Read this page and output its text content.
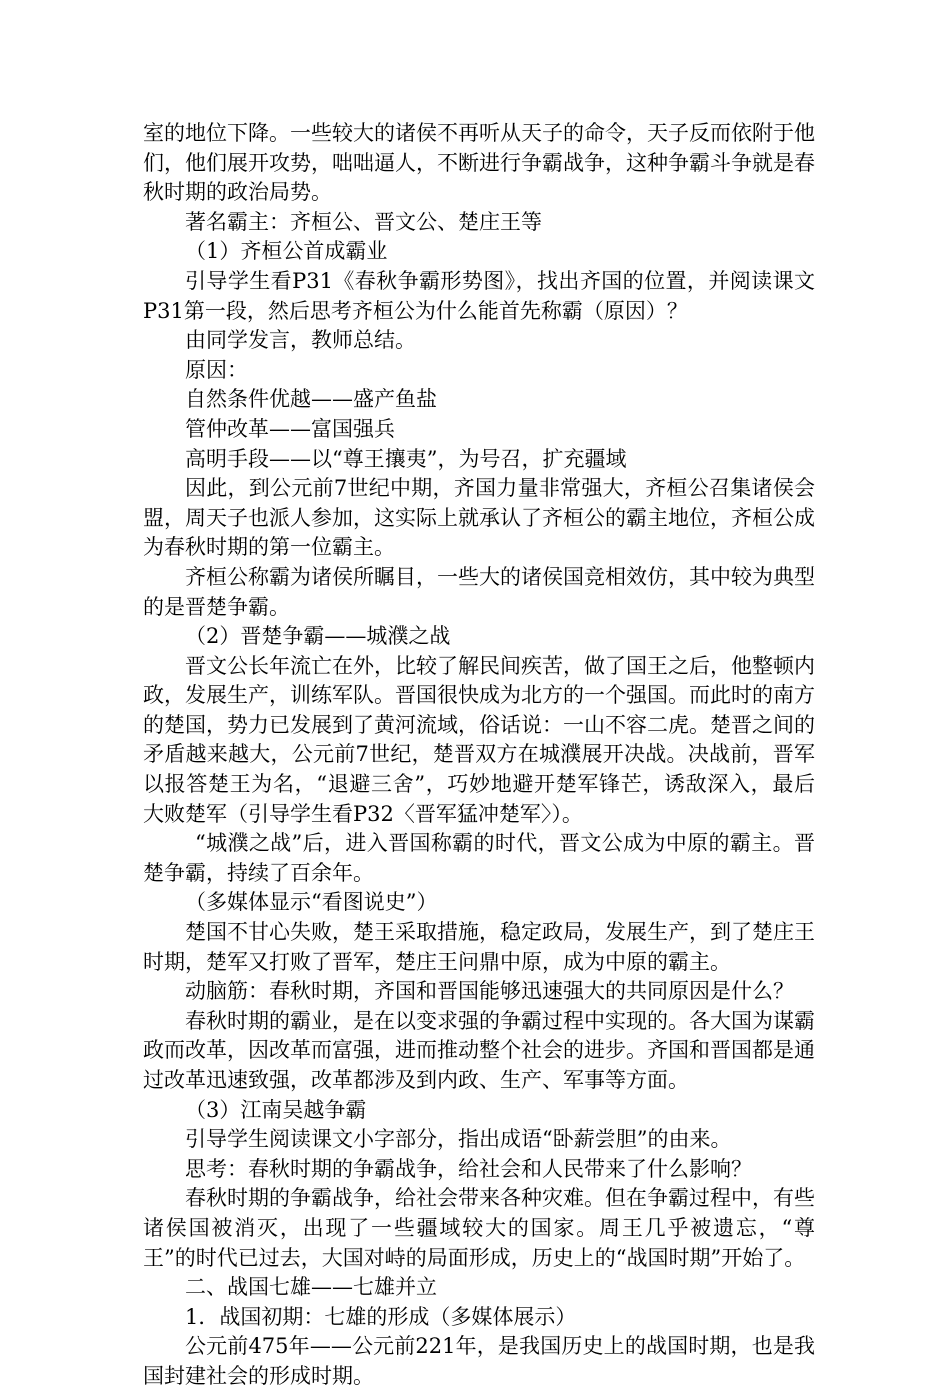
室的地位下降。一些较大的诸侯不再听从天子的命令，天子反而依附于他们，他们展开攻势，咄咄逼人，不断进行争霸战争，这种争霸斗争就是春秋时期的政治局势。

著名霸主：齐桓公、晋文公、楚庄王等

（1）齐桓公首成霸业

引导学生看P31《春秋争霸形势图》，找出齐国的位置，并阅读课文P31第一段，然后思考齐桓公为什么能首先称霸（原因）？

由同学发言，教师总结。

原因：

自然条件优越——盛产鱼盐

管仲改革——富国强兵

高明手段——以“尊王攘夷”，为号召，扩充疆域

因此，到公元前7世纪中期，齐国力量非常强大，齐桓公召集诸侯会盟，周天子也派人参加，这实际上就承认了齐桓公的霸主地位，齐桓公成为春秋时期的第一位霸主。

齐桓公称霸为诸侯所瞩目，一些大的诸侯国竞相效仿，其中较为典型的是晋楚争霸。

（2）晋楚争霸——城濮之战

晋文公长年流亡在外，比较了解民间疾苦，做了国王之后，他整顿内政，发展生产，训练军队。晋国很快成为北方的一个强国。而此时的南方的楚国，势力已发展到了黄河流域，俗话说：一山不容二虎。楚晋之间的矛盾越来越大，公元前7世纪，楚晋双方在城濮展开决战。决战前，晋军以报答楚王为名，“退避三舍”，巧妙地避开楚军锋芒，诱敌深入，最后大败楚军（引导学生看P32〈晋军猛冲楚军〉）。

“城濮之战”后，进入晋国称霸的时代，晋文公成为中原的霸主。晋楚争霸，持续了百余年。

（多媒体显示“看图说史”）

楚国不甘心失败，楚王采取措施，稳定政局，发展生产，到了楚庄王时期，楚军又打败了晋军，楚庄王问鼎中原，成为中原的霸主。

动脑筋：春秋时期，齐国和晋国能够迅速强大的共同原因是什么？

春秋时期的霸业，是在以变求强的争霸过程中实现的。各大国为谋霸政而改革，因改革而富强，进而推动整个社会的进步。齐国和晋国都是通过改革迅速致强，改革都涉及到内政、生产、军事等方面。

（3）江南吴越争霸

引导学生阅读课文小字部分，指出成语“卧薪尝胆”的由来。

思考：春秋时期的争霸战争，给社会和人民带来了什么影响？

春秋时期的争霸战争，给社会带来各种灾难。但在争霸过程中，有些诸侯国被消灭，出现了一些疆域较大的国家。周王几乎被遗忘，“尊王”的时代已过去，大国对峙的局面形成，历史上的“战国时期”开始了。

二、战国七雄——七雄并立

1．战国初期：七雄的形成（多媒体展示）

公元前475年——公元前221年，是我国历史上的战国时期，也是我国封建社会的形成时期。
